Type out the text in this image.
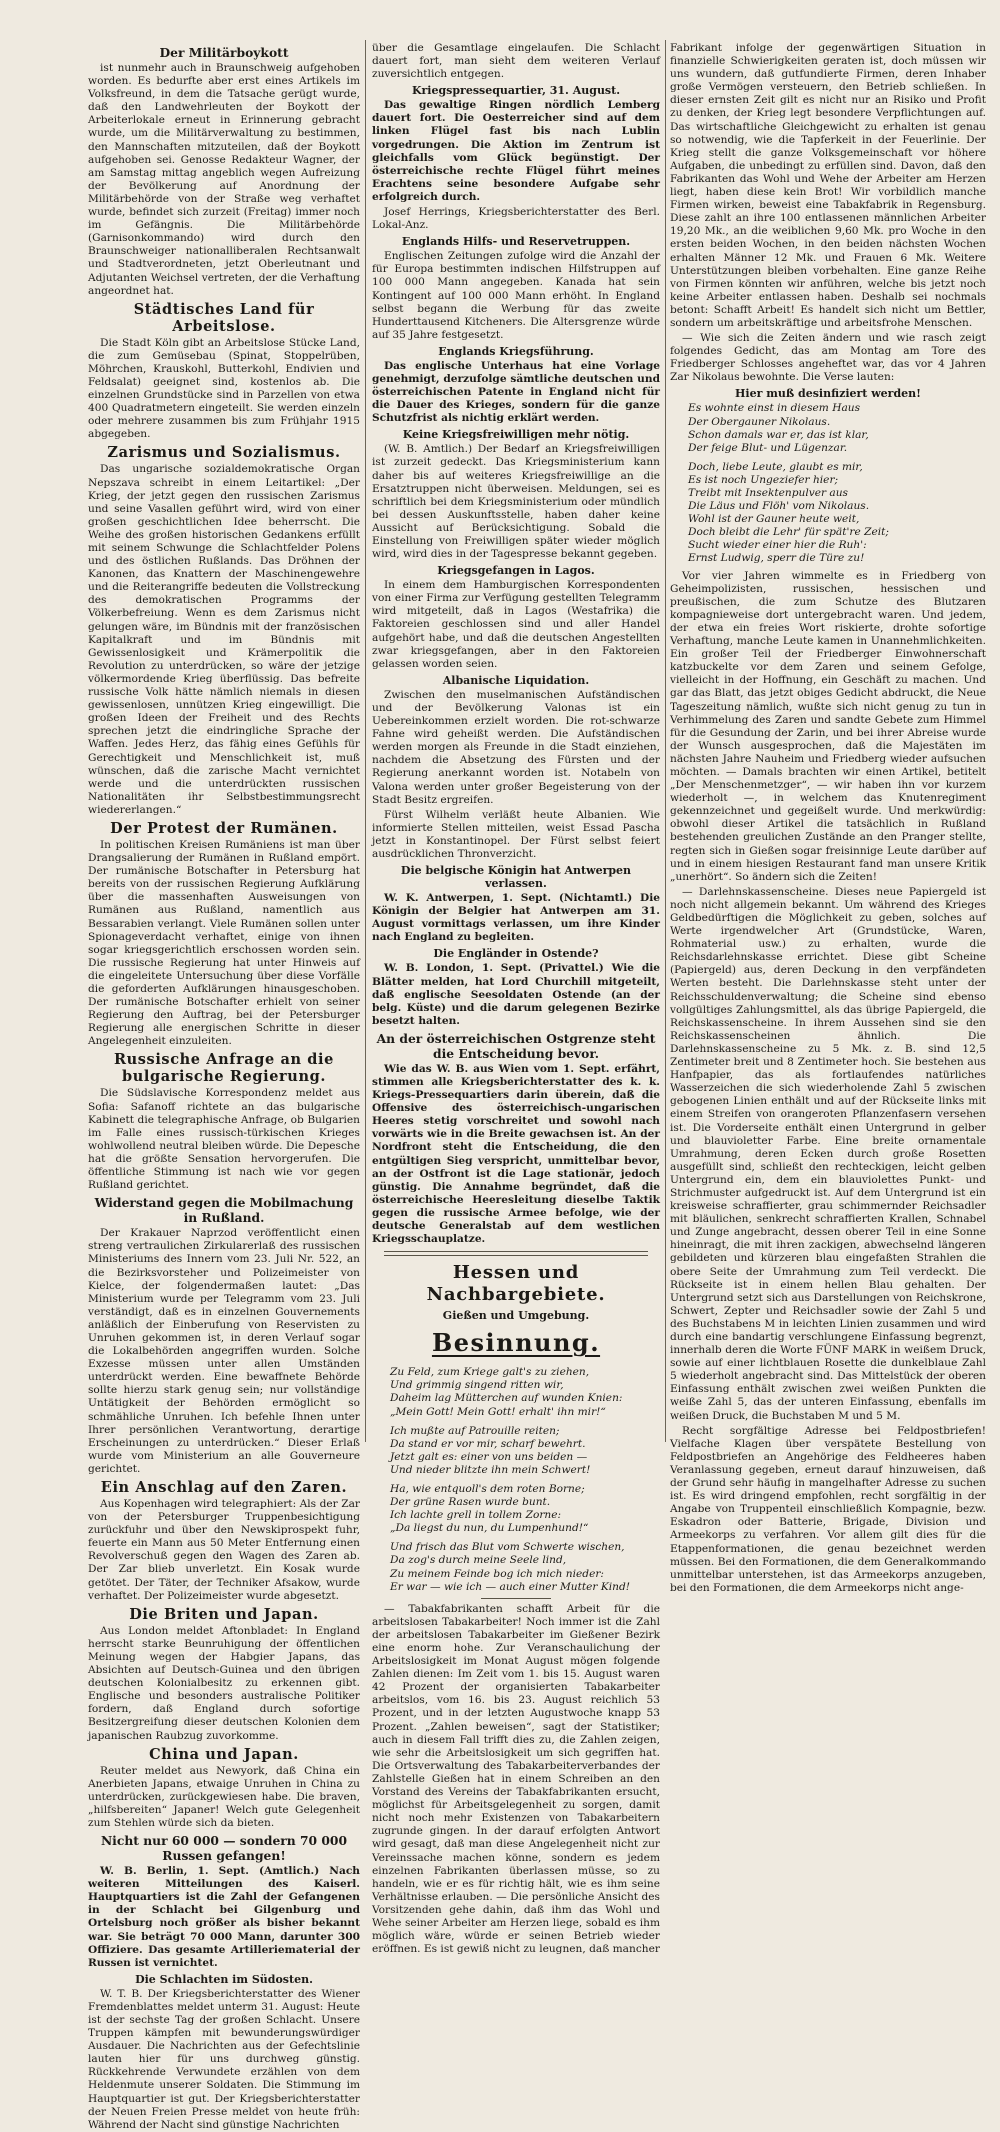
Der Militärboykott

ist nunmehr auch in Braunschweig aufgehoben worden. Es bedurfte aber erst eines Artikels im Volksfreund, in dem die Tatsache gerügt wurde, daß den Landwehrleuten der Boykott der Arbeiterlokale erneut in Erinnerung gebracht wurde, um die Militärverwaltung zu bestimmen, den Mannschaften mitzuteilen, daß der Boykott aufgehoben sei. Genosse Redakteur Wagner, der am Samstag mittag angeblich wegen Aufreizung der Bevölkerung auf Anordnung der Militärbehörde von der Straße weg verhaftet wurde, befindet sich zurzeit (Freitag) immer noch im Gefängnis. Die Militärbehörde (Garnisonkommando) wird durch den Braunschweiger nationalliberalen Rechtsanwalt und Stadtverordneten, jetzt Oberleutnant und Adjutanten Weichsel vertreten, der die Verhaftung angeordnet hat.

Städtisches Land für Arbeitslose.

Die Stadt Köln gibt an Arbeitslose Stücke Land, die zum Gemüsebau (Spinat, Stoppelrüben, Möhrchen, Krauskohl, Butterkohl, Endivien und Feldsalat) geeignet sind, kostenlos ab. Die einzelnen Grundstücke sind in Parzellen von etwa 400 Quadratmetern eingeteilt. Sie werden einzeln oder mehrere zusammen bis zum Frühjahr 1915 abgegeben.

Zarismus und Sozialismus.

Das ungarische sozialdemokratische Organ Nepszava schreibt in einem Leitartikel: „Der Krieg, der jetzt gegen den russischen Zarismus und seine Vasallen geführt wird, wird von einer großen geschichtlichen Idee beherrscht. Die Weihe des großen historischen Gedankens erfüllt mit seinem Schwunge die Schlachtfelder Polens und des östlichen Rußlands. Das Dröhnen der Kanonen, das Knattern der Maschinengewehre und die Reiterangriffe bedeuten die Vollstreckung des demokratischen Programms der Völkerbefreiung. Wenn es dem Zarismus nicht gelungen wäre, im Bündnis mit der französischen Kapitalkraft und im Bündnis mit Gewissenlosigkeit und Krämerpolitik die Revolution zu unterdrücken, so wäre der jetzige völkermordende Krieg überflüssig. Das befreite russische Volk hätte nämlich niemals in diesen gewissenlosen, unnützen Krieg eingewilligt. Die großen Ideen der Freiheit und des Rechts sprechen jetzt die eindringliche Sprache der Waffen. Jedes Herz, das fähig eines Gefühls für Gerechtigkeit und Menschlichkeit ist, muß wünschen, daß die zarische Macht vernichtet werde und die unterdrückten russischen Nationalitäten ihr Selbstbestimmungsrecht wiedererlangen.“

Der Protest der Rumänen.

In politischen Kreisen Rumäniens ist man über Drangsalierung der Rumänen in Rußland empört. Der rumänische Botschafter in Petersburg hat bereits von der russischen Regierung Aufklärung über die massenhaften Ausweisungen von Rumänen aus Rußland, namentlich aus Bessarabien verlangt. Viele Rumänen sollen unter Spionageverdacht verhaftet, einige von ihnen sogar kriegsgerichtlich erschossen worden sein. Die russische Regierung hat unter Hinweis auf die eingeleitete Untersuchung über diese Vorfälle die geforderten Aufklärungen hinausgeschoben. Der rumänische Botschafter erhielt von seiner Regierung den Auftrag, bei der Petersburger Regierung alle energischen Schritte in dieser Angelegenheit einzuleiten.

Russische Anfrage an die bulgarische Regierung.

Die Südslavische Korrespondenz meldet aus Sofia: Safanoff richtete an das bulgarische Kabinett die telegraphische Anfrage, ob Bulgarien im Falle eines russisch-türkischen Krieges wohlwollend neutral bleiben würde. Die Depesche hat die größte Sensation hervorgerufen. Die öffentliche Stimmung ist nach wie vor gegen Rußland gerichtet.

Widerstand gegen die Mobilmachung in Rußland.

Der Krakauer Naprzod veröffentlicht einen streng vertraulichen Zirkularerlaß des russischen Ministeriums des Innern vom 23. Juli Nr. 522, an die Bezirksvorsteher und Polizeimeister von Kielce, der folgendermaßen lautet: „Das Ministerium wurde per Telegramm vom 23. Juli verständigt, daß es in einzelnen Gouvernements anläßlich der Einberufung von Reservisten zu Unruhen gekommen ist, in deren Verlauf sogar die Lokalbehörden angegriffen wurden. Solche Exzesse müssen unter allen Umständen unterdrückt werden. Eine bewaffnete Behörde sollte hierzu stark genug sein; nur vollständige Untätigkeit der Behörden ermöglicht so schmähliche Unruhen. Ich befehle Ihnen unter Ihrer persönlichen Verantwortung, derartige Erscheinungen zu unterdrücken.“ Dieser Erlaß wurde vom Ministerium an alle Gouverneure gerichtet.

Ein Anschlag auf den Zaren.

Aus Kopenhagen wird telegraphiert: Als der Zar von der Petersburger Truppenbesichtigung zurückfuhr und über den Newskiprospekt fuhr, feuerte ein Mann aus 50 Meter Entfernung einen Revolverschuß gegen den Wagen des Zaren ab. Der Zar blieb unverletzt. Ein Kosak wurde getötet. Der Täter, der Techniker Afsakow, wurde verhaftet. Der Polizeimeister wurde abgesetzt.

Die Briten und Japan.

Aus London meldet Aftonbladet: In England herrscht starke Beunruhigung der öffentlichen Meinung wegen der Habgier Japans, das Absichten auf Deutsch-Guinea und den übrigen deutschen Kolonialbesitz zu erkennen gibt. Englische und besonders australische Politiker fordern, daß England durch sofortige Besitzergreifung dieser deutschen Kolonien dem japanischen Raubzug zuvorkomme.

China und Japan.

Reuter meldet aus Newyork, daß China ein Anerbieten Japans, etwaige Unruhen in China zu unterdrücken, zurückgewiesen habe. Die braven, „hilfsbereiten“ Japaner! Welch gute Gelegenheit zum Stehlen würde sich da bieten.

Nicht nur 60 000 — sondern 70 000 Russen gefangen!

W. B. Berlin, 1. Sept. (Amtlich.) Nach weiteren Mitteilungen des Kaiserl. Hauptquartiers ist die Zahl der Gefangenen in der Schlacht bei Gilgenburg und Ortelsburg noch größer als bisher bekannt war. Sie beträgt 70 000 Mann, darunter 300 Offiziere. Das gesamte Artilleriematerial der Russen ist vernichtet.

Die Schlachten im Südosten.

W. T. B. Der Kriegsberichterstatter des Wiener Fremdenblattes meldet unterm 31. August: Heute ist der sechste Tag der großen Schlacht. Unsere Truppen kämpfen mit bewunderungswürdiger Ausdauer. Die Nachrichten aus der Gefechtslinie lauten hier für uns durchweg günstig. Rückkehrende Verwundete erzählen von dem Heldenmute unserer Soldaten. Die Stimmung im Hauptquartier ist gut. Der Kriegsberichterstatter der Neuen Freien Presse meldet von heute früh: Während der Nacht sind günstige Nachrichten

über die Gesamtlage eingelaufen. Die Schlacht dauert fort, man sieht dem weiteren Verlauf zuversichtlich entgegen.

Kriegspressequartier, 31. August.

Das gewaltige Ringen nördlich Lemberg dauert fort. Die Oesterreicher sind auf dem linken Flügel fast bis nach Lublin vorgedrungen. Die Aktion im Zentrum ist gleichfalls vom Glück begünstigt. Der österreichische rechte Flügel führt meines Erachtens seine besondere Aufgabe sehr erfolgreich durch.

Josef Herrings, Kriegsberichterstatter des Berl. Lokal-Anz.

Englands Hilfs- und Reservetruppen.

Englischen Zeitungen zufolge wird die Anzahl der für Europa bestimmten indischen Hilfstruppen auf 100 000 Mann angegeben. Kanada hat sein Kontingent auf 100 000 Mann erhöht. In England selbst begann die Werbung für das zweite Hunderttausend Kitcheners. Die Altersgrenze würde auf 35 Jahre festgesetzt.

Englands Kriegsführung.

Das englische Unterhaus hat eine Vorlage genehmigt, derzufolge sämtliche deutschen und österreichischen Patente in England nicht für die Dauer des Krieges, sondern für die ganze Schutzfrist als nichtig erklärt werden.

Keine Kriegsfreiwilligen mehr nötig.

(W. B. Amtlich.) Der Bedarf an Kriegsfreiwilligen ist zurzeit gedeckt. Das Kriegsministerium kann daher bis auf weiteres Kriegsfreiwillige an die Ersatztruppen nicht überweisen. Meldungen, sei es schriftlich bei dem Kriegsministerium oder mündlich bei dessen Auskunftsstelle, haben daher keine Aussicht auf Berücksichtigung. Sobald die Einstellung von Freiwilligen später wieder möglich wird, wird dies in der Tagespresse bekannt gegeben.

Kriegsgefangen in Lagos.

In einem dem Hamburgischen Korrespondenten von einer Firma zur Verfügung gestellten Telegramm wird mitgeteilt, daß in Lagos (Westafrika) die Faktoreien geschlossen sind und aller Handel aufgehört habe, und daß die deutschen Angestellten zwar kriegsgefangen, aber in den Faktoreien gelassen worden seien.

Albanische Liquidation.

Zwischen den muselmanischen Aufständischen und der Bevölkerung Valonas ist ein Uebereinkommen erzielt worden. Die rot-schwarze Fahne wird geheißt werden. Die Aufständischen werden morgen als Freunde in die Stadt einziehen, nachdem die Absetzung des Fürsten und der Regierung anerkannt worden ist. Notabeln von Valona werden unter großer Begeisterung von der Stadt Besitz ergreifen.

Fürst Wilhelm verläßt heute Albanien. Wie informierte Stellen mitteilen, weist Essad Pascha jetzt in Konstantinopel. Der Fürst selbst feiert ausdrücklichen Thronverzicht.

Die belgische Königin hat Antwerpen verlassen.

W. K. Antwerpen, 1. Sept. (Nichtamtl.) Die Königin der Belgier hat Antwerpen am 31. August vormittags verlassen, um ihre Kinder nach England zu begleiten.

Die Engländer in Ostende?

W. B. London, 1. Sept. (Privattel.) Wie die Blätter melden, hat Lord Churchill mitgeteilt, daß englische Seesoldaten Ostende (an der belg. Küste) und die darum gelegenen Bezirke besetzt halten.

An der österreichischen Ostgrenze steht die Entscheidung bevor.

Wie das W. B. aus Wien vom 1. Sept. erfährt, stimmen alle Kriegsberichterstatter des k. k. Kriegs-Pressequartiers darin überein, daß die Offensive des österreichisch-ungarischen Heeres stetig vorschreitet und sowohl nach vorwärts wie in die Breite gewachsen ist. An der Nordfront steht die Entscheidung, die den entgültigen Sieg verspricht, unmittelbar bevor, an der Ostfront ist die Lage stationär, jedoch günstig. Die Annahme begründet, daß die österreichische Heeresleitung dieselbe Taktik gegen die russische Armee befolge, wie der deutsche Generalstab auf dem westlichen Kriegsschauplatze.

Hessen und Nachbargebiete.
Gießen und Umgebung.
Besinnung.

Zu Feld, zum Kriege galt's zu ziehen,

Und grimmig singend ritten wir,

Daheim lag Mütterchen auf wunden Knien:

„Mein Gott! Mein Gott! erhalt' ihn mir!“

Ich mußte auf Patrouille reiten;

Da stand er vor mir, scharf bewehrt.

Jetzt galt es: einer von uns beiden —

Und nieder blitzte ihn mein Schwert!

Ha, wie entquoll's dem roten Borne;

Der grüne Rasen wurde bunt.

Ich lachte grell in tollem Zorne:

„Da liegst du nun, du Lumpenhund!“

Und frisch das Blut vom Schwerte wischen,

Da zog's durch meine Seele lind,

Zu meinem Feinde bog ich mich nieder:

Er war — wie ich — auch einer Mutter Kind!

— Tabakfabrikanten schafft Arbeit für die arbeitslosen Tabakarbeiter! Noch immer ist die Zahl der arbeitslosen Tabakarbeiter im Gießener Bezirk eine enorm hohe. Zur Veranschaulichung der Arbeitslosigkeit im Monat August mögen folgende Zahlen dienen: Im Zeit vom 1. bis 15. August waren 42 Prozent der organisierten Tabakarbeiter arbeitslos, vom 16. bis 23. August reichlich 53 Prozent, und in der letzten Augustwoche knapp 53 Prozent. „Zahlen beweisen“, sagt der Statistiker; auch in diesem Fall trifft dies zu, die Zahlen zeigen, wie sehr die Arbeitslosigkeit um sich gegriffen hat. Die Ortsverwaltung des Tabakarbeiterverbandes der Zahlstelle Gießen hat in einem Schreiben an den Vorstand des Vereins der Tabakfabrikanten ersucht, möglichst für Arbeitsgelegenheit zu sorgen, damit nicht noch mehr Existenzen von Tabakarbeitern zugrunde gingen. In der darauf erfolgten Antwort wird gesagt, daß man diese Angelegenheit nicht zur Vereinssache machen könne, sondern es jedem einzelnen Fabrikanten überlassen müsse, so zu handeln, wie er es für richtig hält, wie es ihm seine Verhältnisse erlauben. — Die persönliche Ansicht des Vorsitzenden gehe dahin, daß ihm das Wohl und Wehe seiner Arbeiter am Herzen liege, sobald es ihm möglich wäre, würde er seinen Betrieb wieder eröffnen. Es ist gewiß nicht zu leugnen, daß mancher

Fabrikant infolge der gegenwärtigen Situation in finanzielle Schwierigkeiten geraten ist, doch müssen wir uns wundern, daß gutfundierte Firmen, deren Inhaber große Vermögen versteuern, den Betrieb schließen. In dieser ernsten Zeit gilt es nicht nur an Risiko und Profit zu denken, der Krieg legt besondere Verpflichtungen auf. Das wirtschaftliche Gleichgewicht zu erhalten ist genau so notwendig, wie die Tapferkeit in der Feuerlinie. Der Krieg stellt die ganze Volksgemeinschaft vor höhere Aufgaben, die unbedingt zu erfüllen sind. Davon, daß den Fabrikanten das Wohl und Wehe der Arbeiter am Herzen liegt, haben diese kein Brot! Wir vorbildlich manche Firmen wirken, beweist eine Tabakfabrik in Regensburg. Diese zahlt an ihre 100 entlassenen männlichen Arbeiter 19,20 Mk., an die weiblichen 9,60 Mk. pro Woche in den ersten beiden Wochen, in den beiden nächsten Wochen erhalten Männer 12 Mk. und Frauen 6 Mk. Weitere Unterstützungen bleiben vorbehalten. Eine ganze Reihe von Firmen könnten wir anführen, welche bis jetzt noch keine Arbeiter entlassen haben. Deshalb sei nochmals betont: Schafft Arbeit! Es handelt sich nicht um Bettler, sondern um arbeitskräftige und arbeitsfrohe Menschen.

— Wie sich die Zeiten ändern und wie rasch zeigt folgendes Gedicht, das am Montag am Tore des Friedberger Schlosses angeheftet war, das vor 4 Jahren Zar Nikolaus bewohnte. Die Verse lauten:

Hier muß desinfiziert werden!

Es wohnte einst in diesem Haus

Der Obergauner Nikolaus.

Schon damals war er, das ist klar,

Der feige Blut- und Lügenzar.

Doch, liebe Leute, glaubt es mir,

Es ist noch Ungeziefer hier;

Treibt mit Insektenpulver aus

Die Läus und Flöh' vom Nikolaus.

Wohl ist der Gauner heute weit,

Doch bleibt die Lehr' für spät're Zeit;

Sucht wieder einer hier die Ruh':

Ernst Ludwig, sperr die Türe zu!

Vor vier Jahren wimmelte es in Friedberg von Geheimpolizisten, russischen, hessischen und preußischen, die zum Schutze des Blutzaren kompagnieweise dort untergebracht waren. Und jedem, der etwa ein freies Wort riskierte, drohte sofortige Verhaftung, manche Leute kamen in Unannehmlichkeiten. Ein großer Teil der Friedberger Einwohnerschaft katzbuckelte vor dem Zaren und seinem Gefolge, vielleicht in der Hoffnung, ein Geschäft zu machen. Und gar das Blatt, das jetzt obiges Gedicht abdruckt, die Neue Tageszeitung nämlich, wußte sich nicht genug zu tun in Verhimmelung des Zaren und sandte Gebete zum Himmel für die Gesundung der Zarin, und bei ihrer Abreise wurde der Wunsch ausgesprochen, daß die Majestäten im nächsten Jahre Nauheim und Friedberg wieder aufsuchen möchten. — Damals brachten wir einen Artikel, betitelt „Der Menschenmetzger“, — wir haben ihn vor kurzem wiederholt —, in welchem das Knutenregiment gekennzeichnet und gegeißelt wurde. Und merkwürdig: obwohl dieser Artikel die tatsächlich in Rußland bestehenden greulichen Zustände an den Pranger stellte, regten sich in Gießen sogar freisinnige Leute darüber auf und in einem hiesigen Restaurant fand man unsere Kritik „unerhört“. So ändern sich die Zeiten!

— Darlehnskassenscheine. Dieses neue Papiergeld ist noch nicht allgemein bekannt. Um während des Krieges Geldbedürftigen die Möglichkeit zu geben, solches auf Werte irgendwelcher Art (Grundstücke, Waren, Rohmaterial usw.) zu erhalten, wurde die Reichsdarlehnskasse errichtet. Diese gibt Scheine (Papiergeld) aus, deren Deckung in den verpfändeten Werten besteht. Die Darlehnskasse steht unter der Reichsschuldenverwaltung; die Scheine sind ebenso vollgültiges Zahlungsmittel, als das übrige Papiergeld, die Reichskassenscheine. In ihrem Aussehen sind sie den Reichskassenscheinen ähnlich. Die Darlehnskassenscheine zu 5 Mk. z. B. sind 12,5 Zentimeter breit und 8 Zentimeter hoch. Sie bestehen aus Hanfpapier, das als fortlaufendes natürliches Wasserzeichen die sich wiederholende Zahl 5 zwischen gebogenen Linien enthält und auf der Rückseite links mit einem Streifen von orangeroten Pflanzenfasern versehen ist. Die Vorderseite enthält einen Untergrund in gelber und blauvioletter Farbe. Eine breite ornamentale Umrahmung, deren Ecken durch große Rosetten ausgefüllt sind, schließt den rechteckigen, leicht gelben Untergrund ein, dem ein blauviolettes Punkt- und Strichmuster aufgedruckt ist. Auf dem Untergrund ist ein kreisweise schraffierter, grau schimmernder Reichsadler mit bläulichen, senkrecht schraffierten Krallen, Schnabel und Zunge angebracht, dessen oberer Teil in eine Sonne hineinragt, die mit ihren zackigen, abwechselnd längeren gebildeten und kürzeren blau eingefaßten Strahlen die obere Seite der Umrahmung zum Teil verdeckt. Die Rückseite ist in einem hellen Blau gehalten. Der Untergrund setzt sich aus Darstellungen von Reichskrone, Schwert, Zepter und Reichsadler sowie der Zahl 5 und des Buchstabens M in leichten Linien zusammen und wird durch eine bandartig verschlungene Einfassung begrenzt, innerhalb deren die Worte FÜNF MARK in weißem Druck, sowie auf einer lichtblauen Rosette die dunkelblaue Zahl 5 wiederholt angebracht sind. Das Mittelstück der oberen Einfassung enthält zwischen zwei weißen Punkten die weiße Zahl 5, das der unteren Einfassung, ebenfalls im weißen Druck, die Buchstaben M und 5 M.

Recht sorgfältige Adresse bei Feldpostbriefen! Vielfache Klagen über verspätete Bestellung von Feldpostbriefen an Angehörige des Feldheeres haben Veranlassung gegeben, erneut darauf hinzuweisen, daß der Grund sehr häufig in mangelhafter Adresse zu suchen ist. Es wird dringend empfohlen, recht sorgfältig in der Angabe von Truppenteil einschließlich Kompagnie, bezw. Eskadron oder Batterie, Brigade, Division und Armeekorps zu verfahren. Vor allem gilt dies für die Etappenformationen, die genau bezeichnet werden müssen. Bei den Formationen, die dem Generalkommando unmittelbar unterstehen, ist das Armeekorps anzugeben, bei den Formationen, die dem Armeekorps nicht ange-
